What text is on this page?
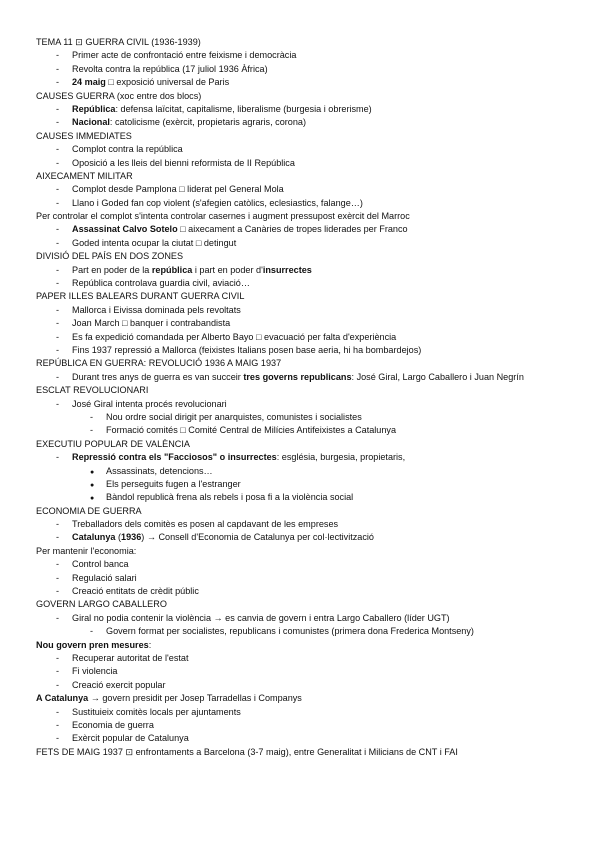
TEMA 11 ⊡ GUERRA CIVIL (1936-1939)
- Primer acte de confrontació entre feixisme i democràcia
- Revolta contra la república (17 juliol 1936 Àfrica)
- 24 maig □ exposició universal de Paris
CAUSES GUERRA (xoc entre dos blocs)
- República: defensa laïcitat, capitalisme, liberalisme (burgesia i obrerisme)
- Nacional: catolicisme (exèrcit, propietaris agraris, corona)
CAUSES IMMEDIATES
- Complot contra la república
- Oposició a les lleis del bienni reformista de II República
AIXECAMENT MILITAR
- Complot desde Pamplona □ liderat pel General Mola
- Llano i Goded fan cop violent (s'afegien catòlics, eclesiastics, falange…)
Per controlar el complot s'intenta controlar casernes i augment pressupost exèrcit del Marroc
- Assassinat Calvo Sotelo □ aixecament a Canàries de tropes liderades per Franco
- Goded intenta ocupar la ciutat □ detingut
DIVISIÓ DEL PAÍS EN DOS ZONES
- Part en poder de la república i part en poder d'insurrectes
- República controlava guardia civil, aviació…
PAPER ILLES BALEARS DURANT GUERRA CIVIL
- Mallorca i Eivissa dominada pels revoltats
- Joan March □ banquer i contrabandista
- Es fa expedició comandada per Alberto Bayo □ evacuació per falta d'experiència
- Fins 1937 repressió a Mallorca (feixistes Italians posen base aeria, hi ha bombardejos)
REPÚBLICA EN GUERRA: REVOLUCIÓ 1936 A MAIG 1937
- Durant tres anys de guerra es van succeir tres governs republicans: José Giral, Largo Caballero i Juan Negrín
ESCLAT REVOLUCIONARI
- José Giral intenta procés revolucionari
- Nou ordre social dirigit per anarquistes, comunistes i socialistes
- Formació comités □ Comité Central de Milícies Antifeixistes a Catalunya
EXECUTIU POPULAR DE VALÈNCIA
- Repressió contra els "Facciosos" o insurrectes: església, burgesia, propietaris,
● Assassinats, detencions…
● Els perseguits fugen a l'estranger
● Bàndol republicà frena als rebels i posa fi a la violència social
ECONOMIA DE GUERRA
- Treballadors dels comitès es posen al capdavant de les empreses
- Catalunya (1936) → Consell d'Economia de Catalunya per col·lectivització
Per mantenir l'economia:
- Control banca
- Regulació salari
- Creació entitats de crèdit públic
GOVERN LARGO CABALLERO
- Giral no podia contenir la violència → es canvia de govern i entra Largo Caballero (líder UGT)
- Govern format per socialistes, republicans i comunistes (primera dona Frederica Montseny)
Nou govern pren mesures:
- Recuperar autoritat de l'estat
- Fi violencia
- Creació exercit popular
A Catalunya → govern presidit per Josep Tarradellas i Companys
- Sustituieix comitès locals per ajuntaments
- Economia de guerra
- Exèrcit popular de Catalunya
FETS DE MAIG 1937 ⊡ enfrontaments a Barcelona (3-7 maig), entre Generalitat i Milicians de CNT i FAI
